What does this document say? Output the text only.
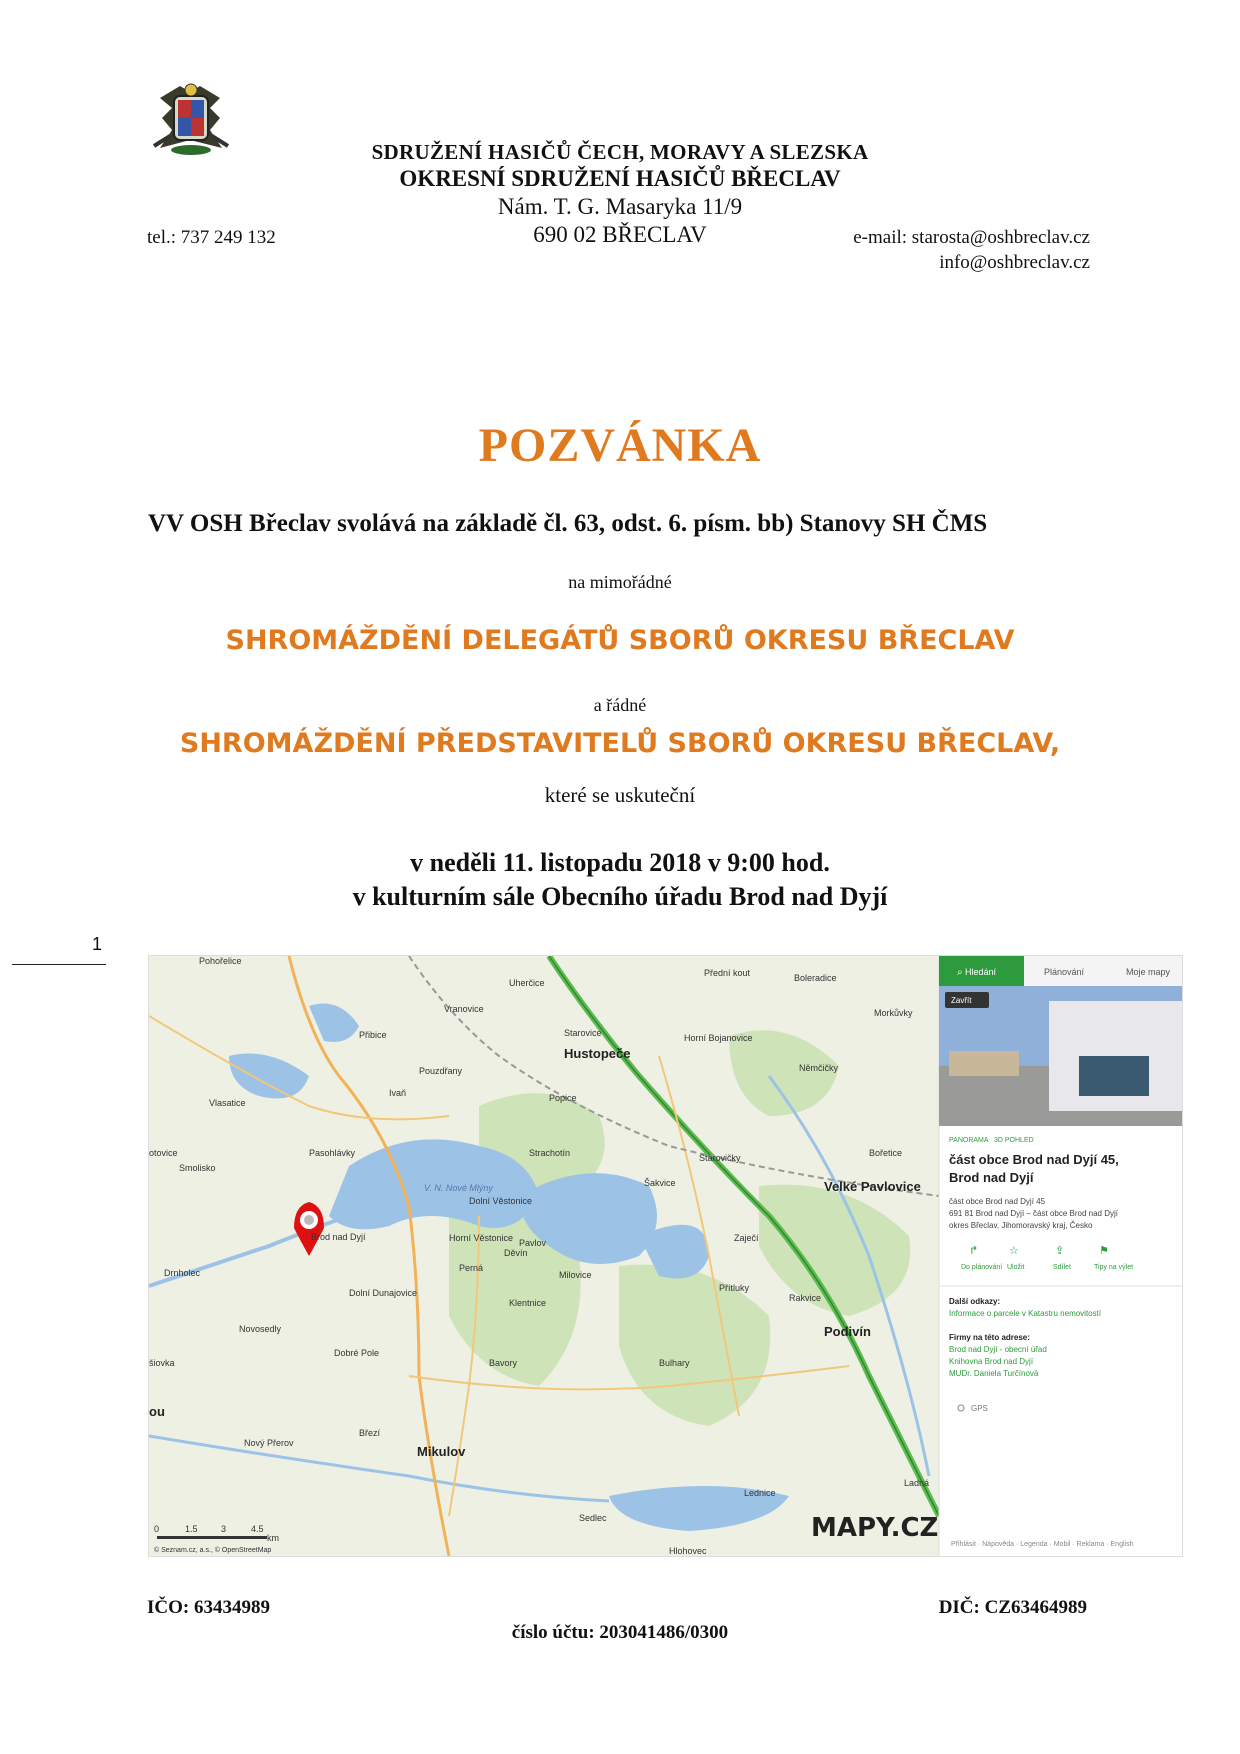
SDRUŽENÍ HASIČŮ ČECH, MORAVY A SLEZSKA
OKRESNÍ SDRUŽENÍ HASIČŮ BŘECLAV
Nám. T. G. Masaryka 11/9
690 02 BŘECLAV
tel.: 737 249 132	e-mail: starosta@oshbreclav.cz
info@oshbreclav.cz
POZVÁNKA
VV OSH Břeclav svolává na základě čl. 63, odst. 6. písm. bb) Stanovy SH ČMS
na mimořádné
SHROMÁŽDĚNÍ DELEGÁTŮ SBORŮ OKRESU BŘECLAV
a řádné
SHROMÁŽDĚNÍ PŘEDSTAVITELŮ SBORŮ OKRESU BŘECLAV,
které se uskuteční
v neděli 11. listopadu 2018 v 9:00 hod.
v kulturním sále Obecního úřadu Brod nad Dyjí
1
Brod nad Dyjí
Hustopeče
Velké Pavlovice
Podivín
Mikulov
Pasohlávky
Vlasatice
Novosedly
Drnholec
Dolní Dunajovice
Dobré Pole
Pavlov
Strachotín
Šakvice
Starovičky
Zaječí
Přítluky
Rakvice
Klentnice
Milovice
Bavory	Bulhary
Perná
Horní Věstonice
Dolní Věstonice
Ivaň
Pouzdřany
Popice
Přibice
Vranovice
Uherčice
Starovice	Horní Bojanovice
Němčičky
Bořetice
Morkůvky
Boleradice
Lednice
Sedlec
Březí
Nový Přerov
V. N. Nové Mlýny
Smolisko
Děvín
Hlohovec
Ladná
Přední kout
Pohořelice
otovice
šiovka
ou
0	1.5	3	4.5
km
© Seznam.cz, a.s., © OpenStreetMap
MAPY.CZ
Hledání
⌕	Plánování	Moje mapy
Zavřít
PANORAMA 3D POHLED
část obce Brod nad Dyjí 45,
Brod nad Dyjí
část obce Brod nad Dyjí 45
691 81 Brod nad Dyjí – část obce Brod nad Dyjí
okres Břeclav, Jihomoravský kraj, Česko
↱
Do plánování
☆
Uložit
⇪
Sdílet
⚑
Tipy na výlet
Další odkazy:
Informace o parcele v Katastru nemovitostí
Firmy na této adrese:
Brod nad Dyjí - obecní úřad
Knihovna Brod nad Dyjí
MUDr. Daniela Turčínová
GPS
Přihlásit · Nápověda · Legenda · Mobil · Reklama · English
IČO: 63434989	DIČ: CZ63464989
číslo účtu: 203041486/0300
